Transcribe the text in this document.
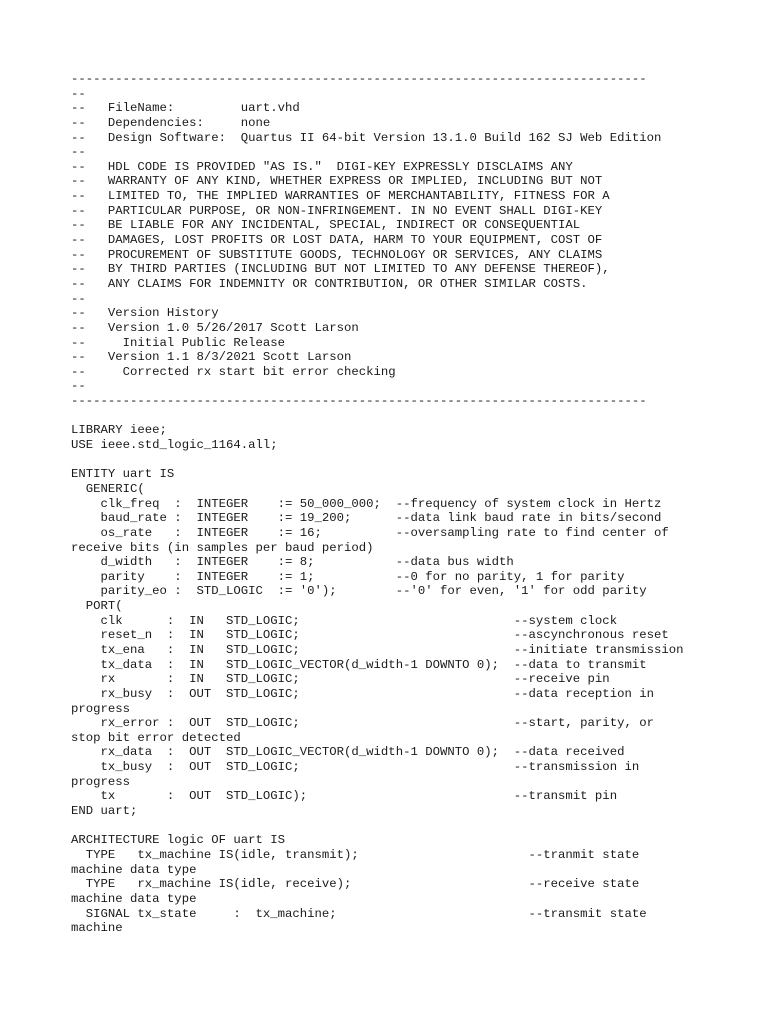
------------------------------------------------------------------------------
--
--   FileName:         uart.vhd
--   Dependencies:     none
--   Design Software:  Quartus II 64-bit Version 13.1.0 Build 162 SJ Web Edition
--
--   HDL CODE IS PROVIDED "AS IS."  DIGI-KEY EXPRESSLY DISCLAIMS ANY
--   WARRANTY OF ANY KIND, WHETHER EXPRESS OR IMPLIED, INCLUDING BUT NOT
--   LIMITED TO, THE IMPLIED WARRANTIES OF MERCHANTABILITY, FITNESS FOR A
--   PARTICULAR PURPOSE, OR NON-INFRINGEMENT. IN NO EVENT SHALL DIGI-KEY
--   BE LIABLE FOR ANY INCIDENTAL, SPECIAL, INDIRECT OR CONSEQUENTIAL
--   DAMAGES, LOST PROFITS OR LOST DATA, HARM TO YOUR EQUIPMENT, COST OF
--   PROCUREMENT OF SUBSTITUTE GOODS, TECHNOLOGY OR SERVICES, ANY CLAIMS
--   BY THIRD PARTIES (INCLUDING BUT NOT LIMITED TO ANY DEFENSE THEREOF),
--   ANY CLAIMS FOR INDEMNITY OR CONTRIBUTION, OR OTHER SIMILAR COSTS.
--
--   Version History
--   Version 1.0 5/26/2017 Scott Larson
--     Initial Public Release
--   Version 1.1 8/3/2021 Scott Larson
--     Corrected rx start bit error checking
--
------------------------------------------------------------------------------
LIBRARY ieee;
USE ieee.std_logic_1164.all;
ENTITY uart IS
GENERIC(
clk_freq  :  INTEGER    := 50_000_000;  --frequency of system clock in Hertz
baud_rate :  INTEGER    := 19_200;      --data link baud rate in bits/second
os_rate   :  INTEGER    := 16;          --oversampling rate to find center of
receive bits (in samples per baud period)
d_width   :  INTEGER    := 8;           --data bus width
parity    :  INTEGER    := 1;           --0 for no parity, 1 for parity
parity_eo :  STD_LOGIC  := '0');        --'0' for even, '1' for odd parity
PORT(
clk      :  IN   STD_LOGIC;                             --system clock
reset_n  :  IN   STD_LOGIC;                             --ascynchronous reset
tx_ena   :  IN   STD_LOGIC;                             --initiate transmission
tx_data  :  IN   STD_LOGIC_VECTOR(d_width-1 DOWNTO 0);  --data to transmit
rx       :  IN   STD_LOGIC;                             --receive pin
rx_busy  :  OUT  STD_LOGIC;                             --data reception in
progress
rx_error :  OUT  STD_LOGIC;                             --start, parity, or
stop bit error detected
rx_data  :  OUT  STD_LOGIC_VECTOR(d_width-1 DOWNTO 0);  --data received
tx_busy  :  OUT  STD_LOGIC;                             --transmission in
progress
tx       :  OUT  STD_LOGIC);                            --transmit pin
END uart;
ARCHITECTURE logic OF uart IS
TYPE   tx_machine IS(idle, transmit);                       --tranmit state
machine data type
TYPE   rx_machine IS(idle, receive);                        --receive state
machine data type
SIGNAL tx_state     :  tx_machine;                          --transmit state
machine
